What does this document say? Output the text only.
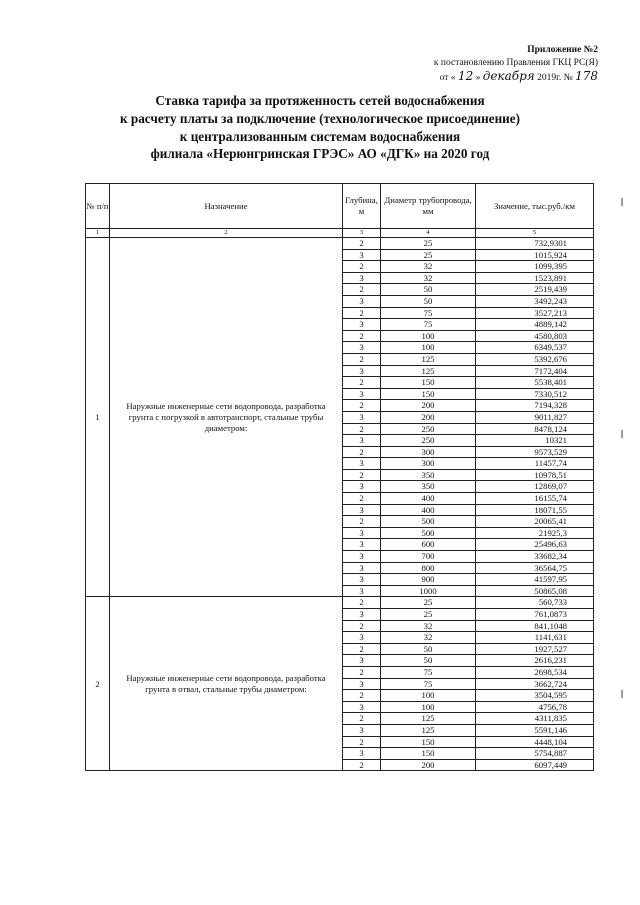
Приложение №2
к постановлению Правления ГКЦ РС(Я)
от « 12 » декабря 2019г. № 178
Ставка тарифа за протяженность сетей водоснабжения
к расчету платы за подключение (технологическое присоединение)
к централизованным системам водоснабжения
филиала «Нерюнгринская ГРЭС» АО «ДГК» на 2020 год
№ п/п	Назначение	Глубина, м	Диаметр трубопровода, мм	Значение, тыс.руб./км
1	2	3	4	5
1	Наружные инженерные сети водопровода, разработка грунта с погрузкой в автотранспорт, стальные трубы диаметром:	2	25	732,9301
		3	25	1015,924
		2	32	1099,395
		3	32	1523,891
		2	50	2519,439
		3	50	3492,243
		2	75	3527,213
		3	75	4889,142
		2	100	4580,803
		3	100	6349,537
		2	125	5392,676
		3	125	7172,404
		2	150	5538,401
		3	150	7330,512
		2	200	7194,328
		3	200	9011,827
		2	250	8478,124
		3	250	10321
		2	300	9573,529
		3	300	11457,74
		2	350	10978,51
		3	350	12869,07
		2	400	16155,74
		3	400	18071,55
		2	500	20065,41
		3	500	21925,3
		3	600	25496,63
		3	700	33682,34
		3	800	36564,75
		3	900	41597,95
		3	1000	50865,08
2	Наружные инженерные сети водопровода, разработка грунта в отвал, стальные трубы диаметром:	2	25	560,733
		3	25	761,0873
		2	32	841,1048
		3	32	1141,631
		2	50	1927,527
		3	50	2616,231
		2	75	2698,534
		3	75	3662,724
		2	100	3504,595
		3	100	4756,78
		2	125	4311,835
		3	125	5591,146
		2	150	4448,104
		3	150	5754,887
		2	200	6097,449
